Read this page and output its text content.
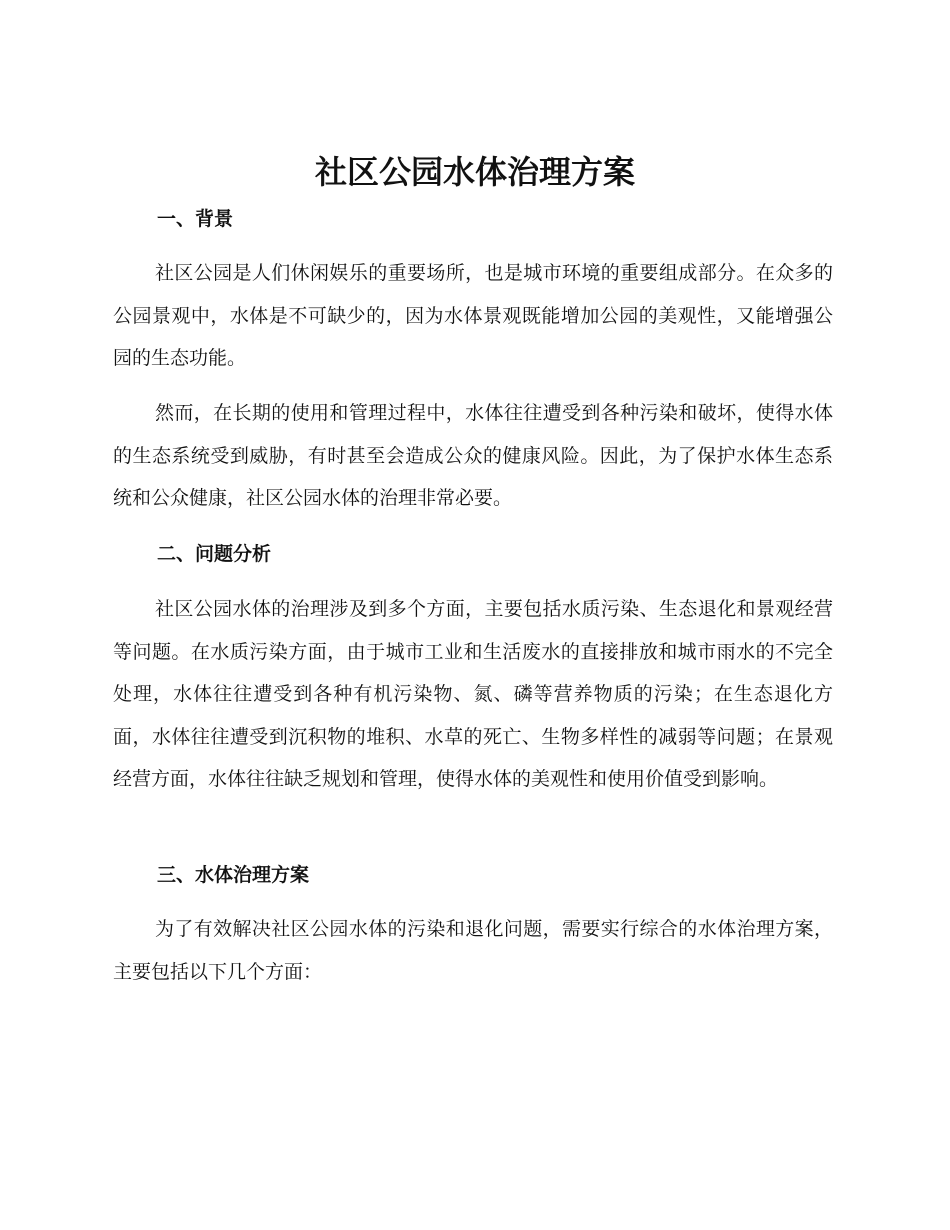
社区公园水体治理方案
一、背景

社区公园是人们休闲娱乐的重要场所，也是城市环境的重要组成部分。在众多的公园景观中，水体是不可缺少的，因为水体景观既能增加公园的美观性，又能增强公园的生态功能。

然而，在长期的使用和管理过程中，水体往往遭受到各种污染和破坏，使得水体的生态系统受到威胁，有时甚至会造成公众的健康风险。因此，为了保护水体生态系统和公众健康，社区公园水体的治理非常必要。

二、问题分析

社区公园水体的治理涉及到多个方面，主要包括水质污染、生态退化和景观经营等问题。在水质污染方面，由于城市工业和生活废水的直接排放和城市雨水的不完全处理，水体往往遭受到各种有机污染物、氮、磷等营养物质的污染；在生态退化方面，水体往往遭受到沉积物的堆积、水草的死亡、生物多样性的减弱等问题；在景观经营方面，水体往往缺乏规划和管理，使得水体的美观性和使用价值受到影响。

三、水体治理方案

为了有效解决社区公园水体的污染和退化问题，需要实行综合的水体治理方案，主要包括以下几个方面：
